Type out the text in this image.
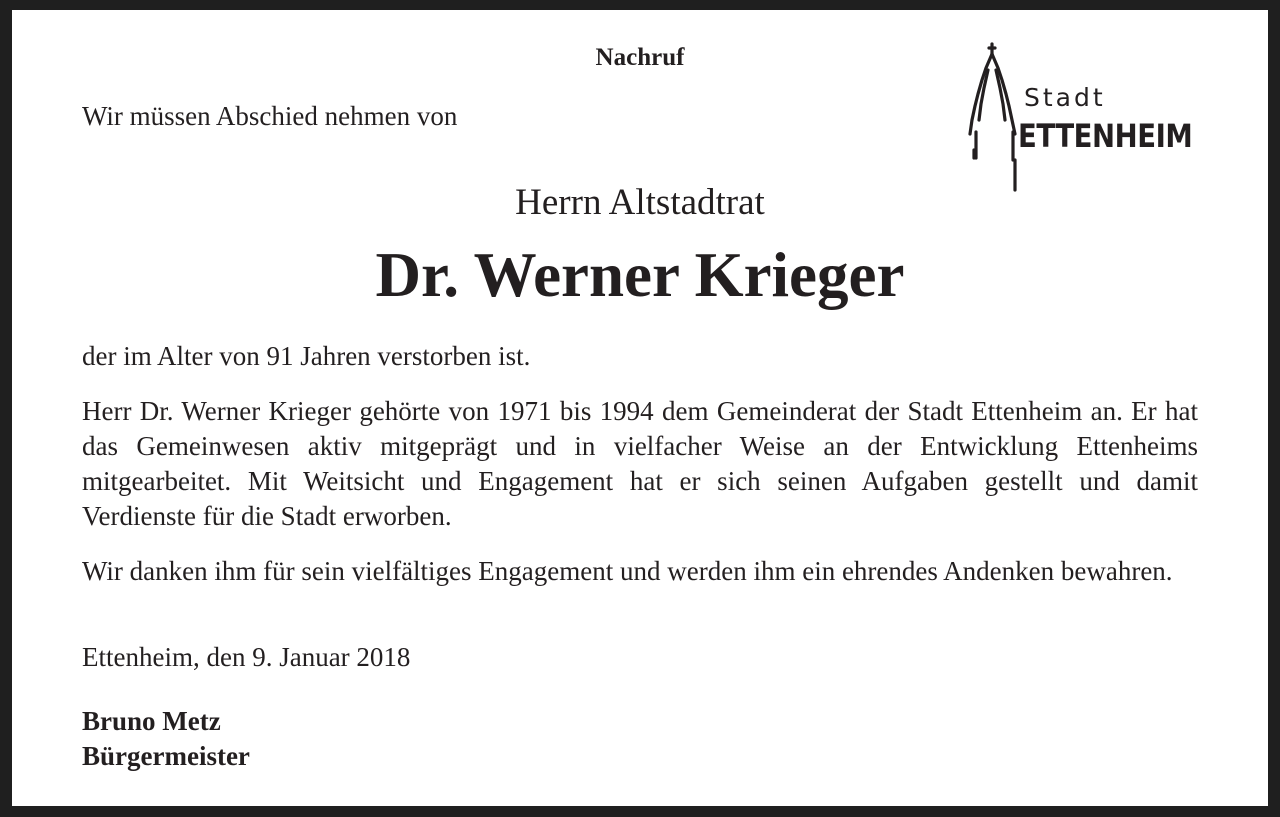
Nachruf
Wir müssen Abschied nehmen von
Stadt
ETTENHEIM
Herrn Altstadtrat
Dr. Werner Krieger

der im Alter von 91 Jahren verstorben ist.

Herr Dr. Werner Krieger gehörte von 1971 bis 1994 dem Gemeinderat der Stadt Ettenheim an. Er hat das Gemeinwesen aktiv mitgeprägt und in vielfacher Weise an der Entwicklung Ettenheims mitgearbeitet. Mit Weitsicht und Engagement hat er sich seinen Aufgaben gestellt und damit Verdienste für die Stadt erworben.

Wir danken ihm für sein vielfältiges Engagement und werden ihm ein ehrendes Andenken bewahren.

Ettenheim, den 9. Januar 2018

Bruno Metz
Bürgermeister
